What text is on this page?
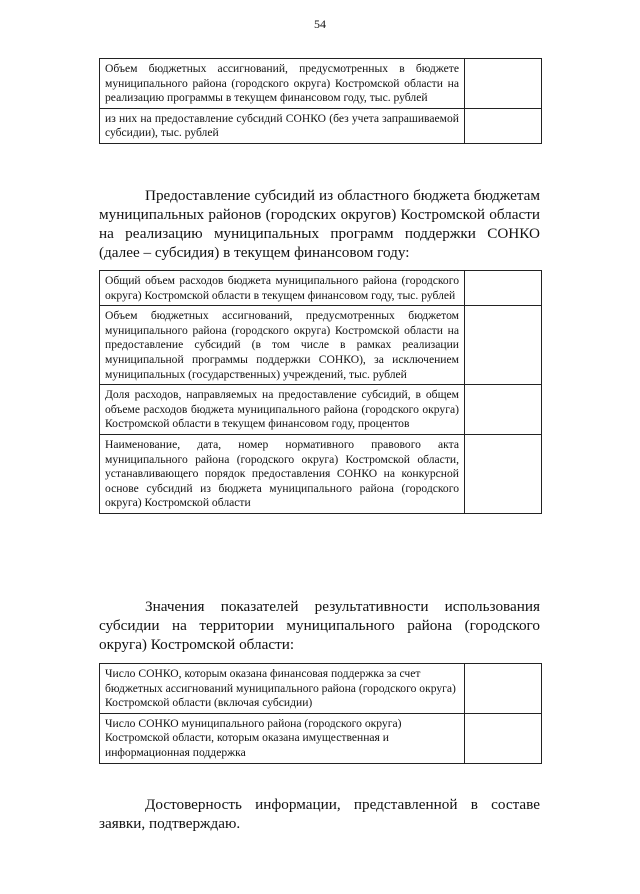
54
Объем бюджетных ассигнований, предусмотренных в бюджете муниципального района (городского округа) Костромской области на реализацию программы в текущем финансовом году, тыс. рублей	
из них на предоставление субсидий СОНКО (без учета запрашиваемой субсидии), тыс. рублей	
Предоставление субсидий из областного бюджета бюджетам муниципальных районов (городских округов) Костромской области на реализацию муниципальных программ поддержки СОНКО (далее – субсидия) в текущем финансовом году:
Общий объем расходов бюджета муниципального района (городского округа) Костромской области в текущем финансовом году, тыс. рублей	
Объем бюджетных ассигнований, предусмотренных бюджетом муниципального района (городского округа) Костромской области на предоставление субсидий (в том числе в рамках реализации муниципальной программы поддержки СОНКО), за исключением муниципальных (государственных) учреждений, тыс. рублей	
Доля расходов, направляемых на предоставление субсидий, в общем объеме расходов бюджета муниципального района (городского округа) Костромской области в текущем финансовом году, процентов	
Наименование, дата, номер нормативного правового акта муниципального района (городского округа) Костромской области, устанавливающего порядок предоставления СОНКО на конкурсной основе субсидий из бюджета муниципального района (городского округа) Костромской области	
Значения показателей результативности использования субсидии на территории муниципального района (городского округа) Костромской области:
Число СОНКО, которым оказана финансовая поддержка за счет бюджетных ассигнований муниципального района (городского округа) Костромской области (включая субсидии)	
Число СОНКО муниципального района (городского округа) Костромской области, которым оказана имущественная и информационная поддержка	
Достоверность информации, представленной в составе заявки, подтверждаю.
